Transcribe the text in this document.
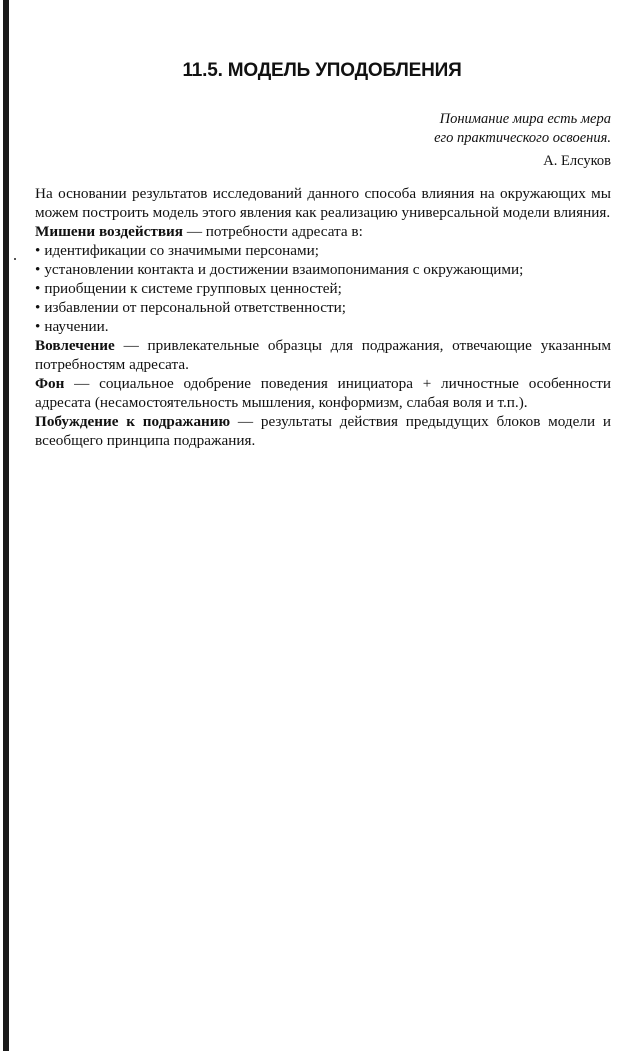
11.5. МОДЕЛЬ УПОДОБЛЕНИЯ
Понимание мира есть мера
его практического освоения.
А. Елсуков

На основании результатов исследований данного способа влияния на окружающих мы можем построить модель этого явления как реализацию универсальной модели влияния.

Мишени воздействия — потребности адресата в:

• идентификации со значимыми персонами;
• установлении контакта и достижении взаимопонимания с окружающими;
• приобщении к системе групповых ценностей;
• избавлении от персональной ответственности;
• научении.

Вовлечение — привлекательные образцы для подражания, отвечающие указанным потребностям адресата.

Фон — социальное одобрение поведения инициатора + личностные особенности адресата (несамостоятельность мышления, конформизм, слабая воля и т.п.).

Побуждение к подражанию — результаты действия предыдущих блоков модели и всеобщего принципа подражания.
